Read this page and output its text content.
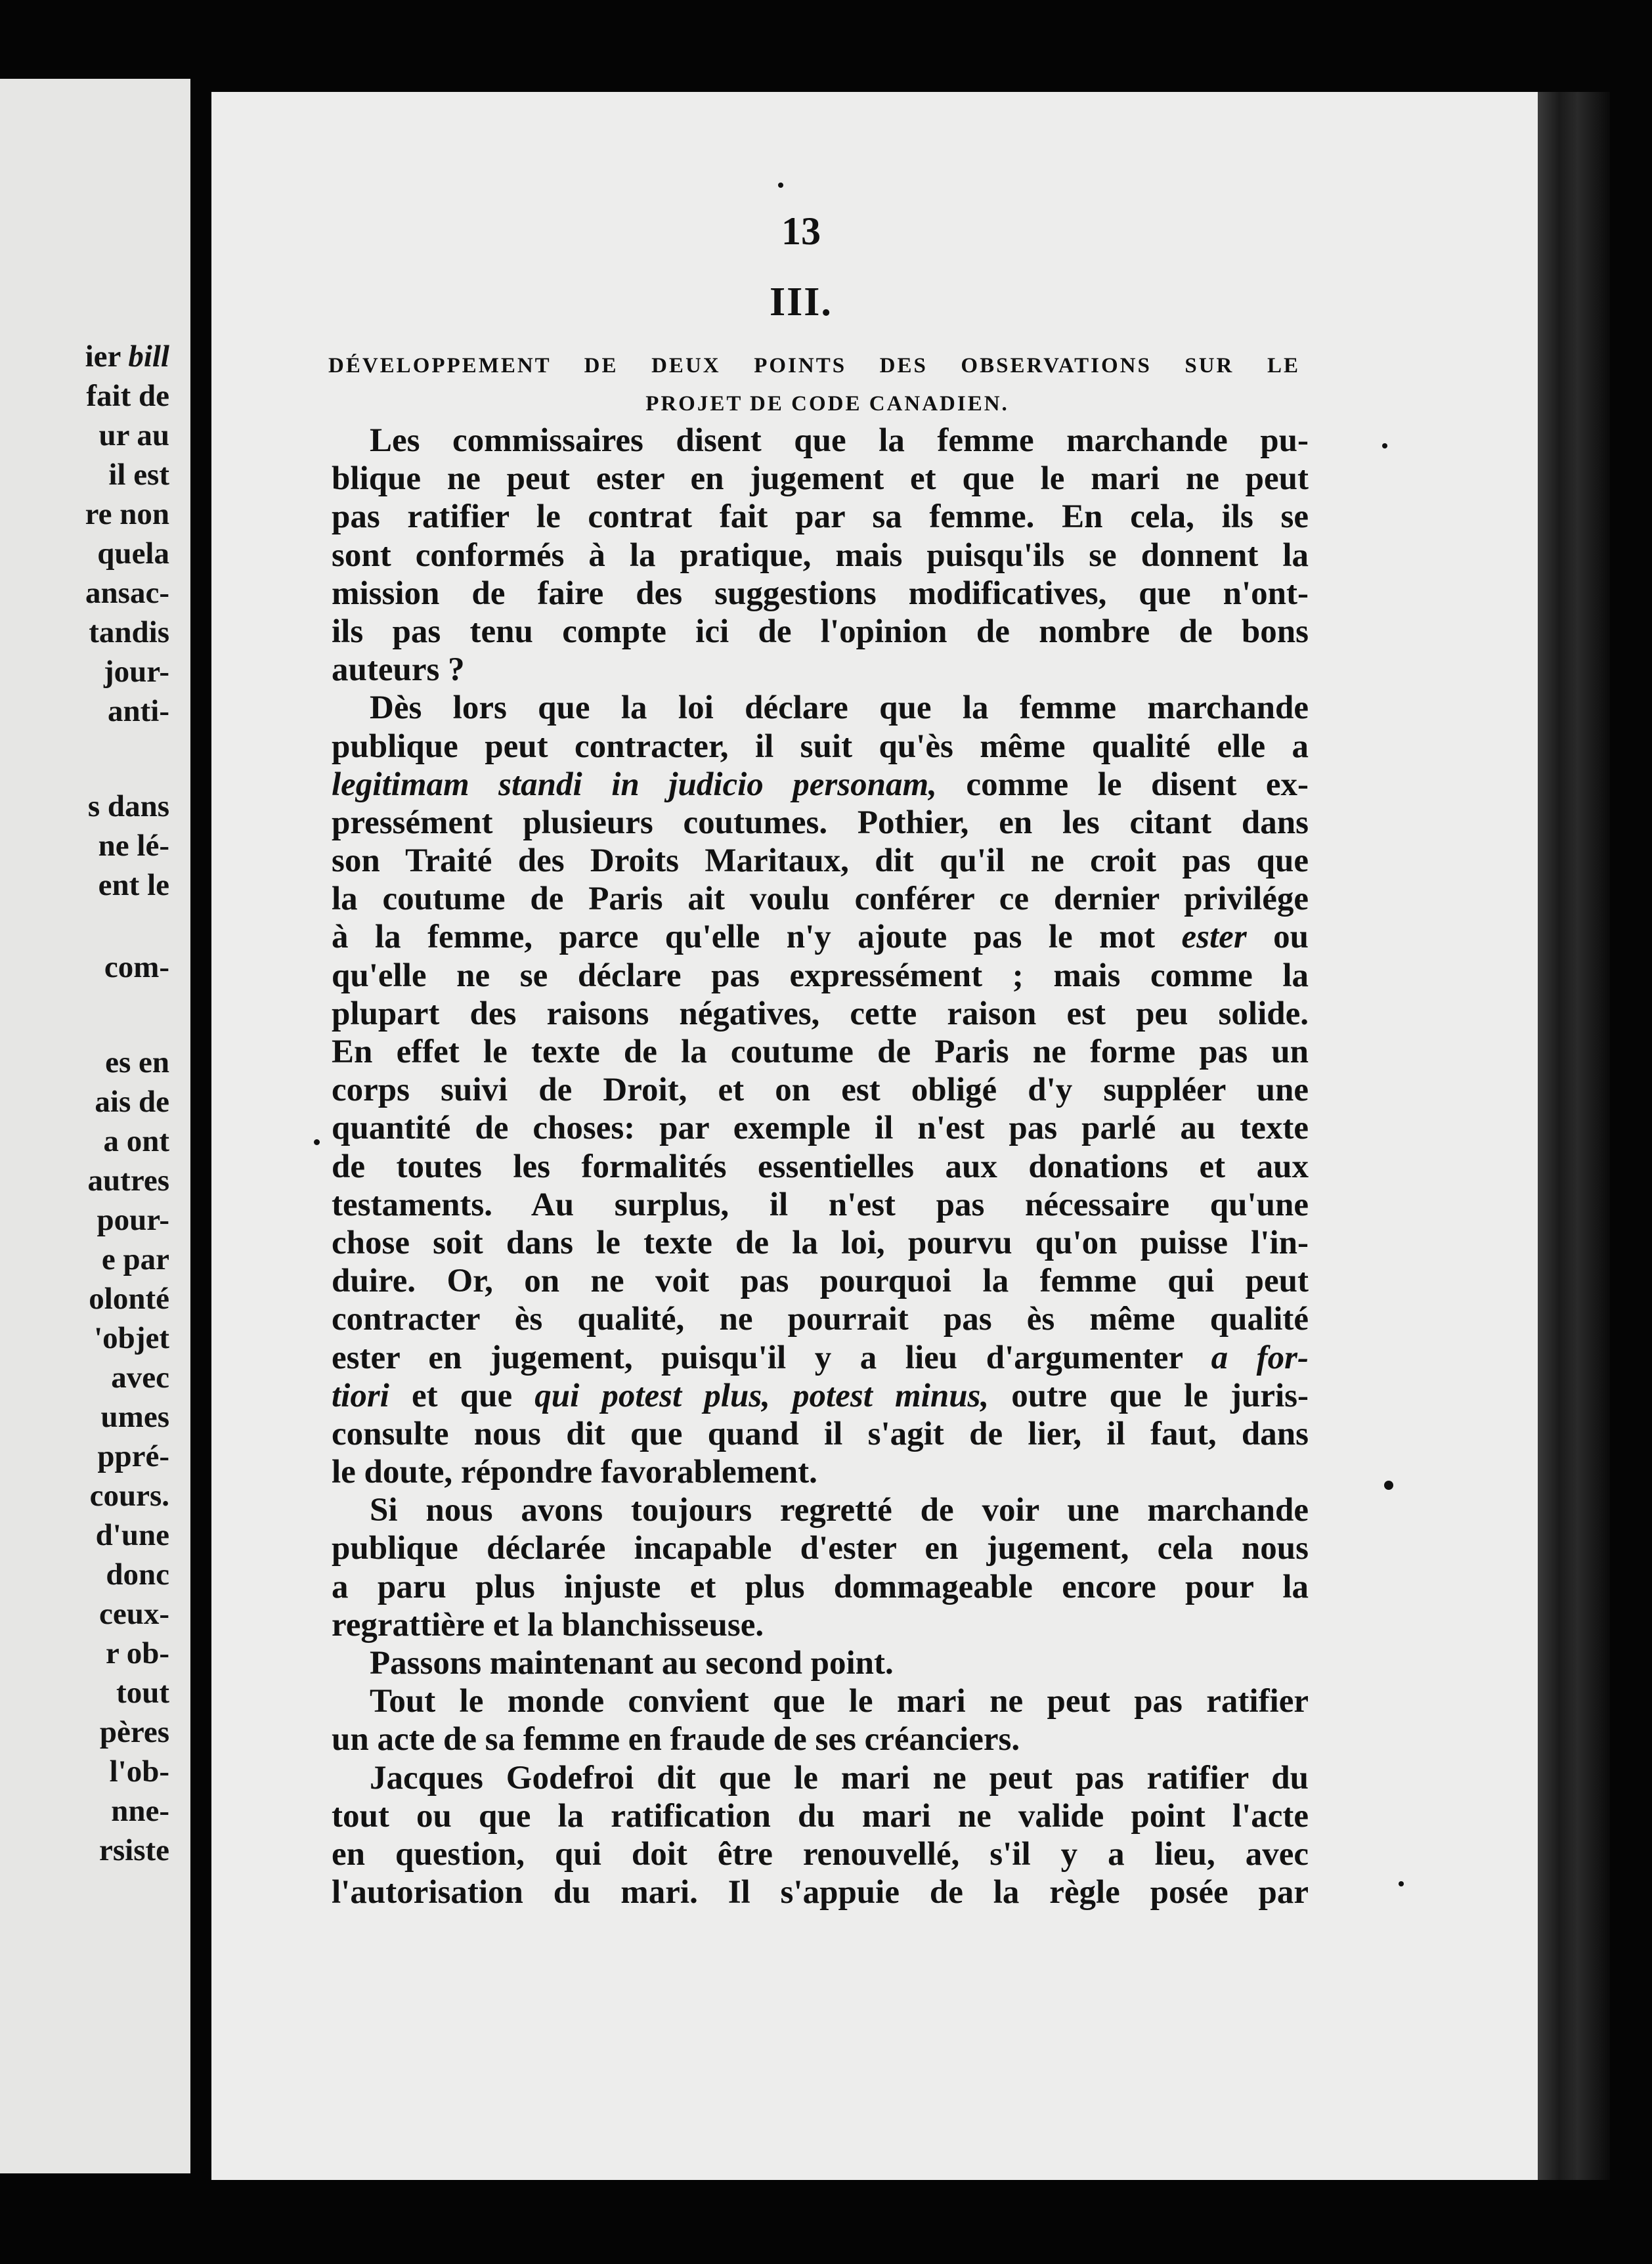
ier bill
fait de
ur au
il est
re non
quela
ansac-
tandis
jour-
anti-
s dans
ne lé-
ent le
com-
es en
ais de
a ont
autres
pour-
e par
olonté
'objet
avec
umes
ppré-
cours.
d'une
donc
ceux-
r ob-
tout
pères
l'ob-
nne-
rsiste
13
III.
DÉVELOPPEMENT DE DEUX POINTS DES OBSERVATIONS SUR LE
PROJET DE CODE CANADIEN.
Les commissaires disent que la femme marchande pu-
blique ne peut ester en jugement et que le mari ne peut
pas ratifier le contrat fait par sa femme. En cela, ils se
sont conformés à la pratique, mais puisqu'ils se donnent la
mission de faire des suggestions modificatives, que n'ont-
ils pas tenu compte ici de l'opinion de nombre de bons
auteurs ?
Dès lors que la loi déclare que la femme marchande
publique peut contracter, il suit qu'ès même qualité elle a
legitimam standi in judicio personam, comme le disent ex-
pressément plusieurs coutumes. Pothier, en les citant dans
son Traité des Droits Maritaux, dit qu'il ne croit pas que
la coutume de Paris ait voulu conférer ce dernier privilége
à la femme, parce qu'elle n'y ajoute pas le mot ester ou
qu'elle ne se déclare pas expressément ; mais comme la
plupart des raisons négatives, cette raison est peu solide.
En effet le texte de la coutume de Paris ne forme pas un
corps suivi de Droit, et on est obligé d'y suppléer une
quantité de choses: par exemple il n'est pas parlé au texte
de toutes les formalités essentielles aux donations et aux
testaments. Au surplus, il n'est pas nécessaire qu'une
chose soit dans le texte de la loi, pourvu qu'on puisse l'in-
duire. Or, on ne voit pas pourquoi la femme qui peut
contracter ès qualité, ne pourrait pas ès même qualité
ester en jugement, puisqu'il y a lieu d'argumenter a for-
tiori et que qui potest plus, potest minus, outre que le juris-
consulte nous dit que quand il s'agit de lier, il faut, dans
le doute, répondre favorablement.
Si nous avons toujours regretté de voir une marchande
publique déclarée incapable d'ester en jugement, cela nous
a paru plus injuste et plus dommageable encore pour la
regrattière et la blanchisseuse.
Passons maintenant au second point.
Tout le monde convient que le mari ne peut pas ratifier
un acte de sa femme en fraude de ses créanciers.
Jacques Godefroi dit que le mari ne peut pas ratifier du
tout ou que la ratification du mari ne valide point l'acte
en question, qui doit être renouvellé, s'il y a lieu, avec
l'autorisation du mari. Il s'appuie de la règle posée par
